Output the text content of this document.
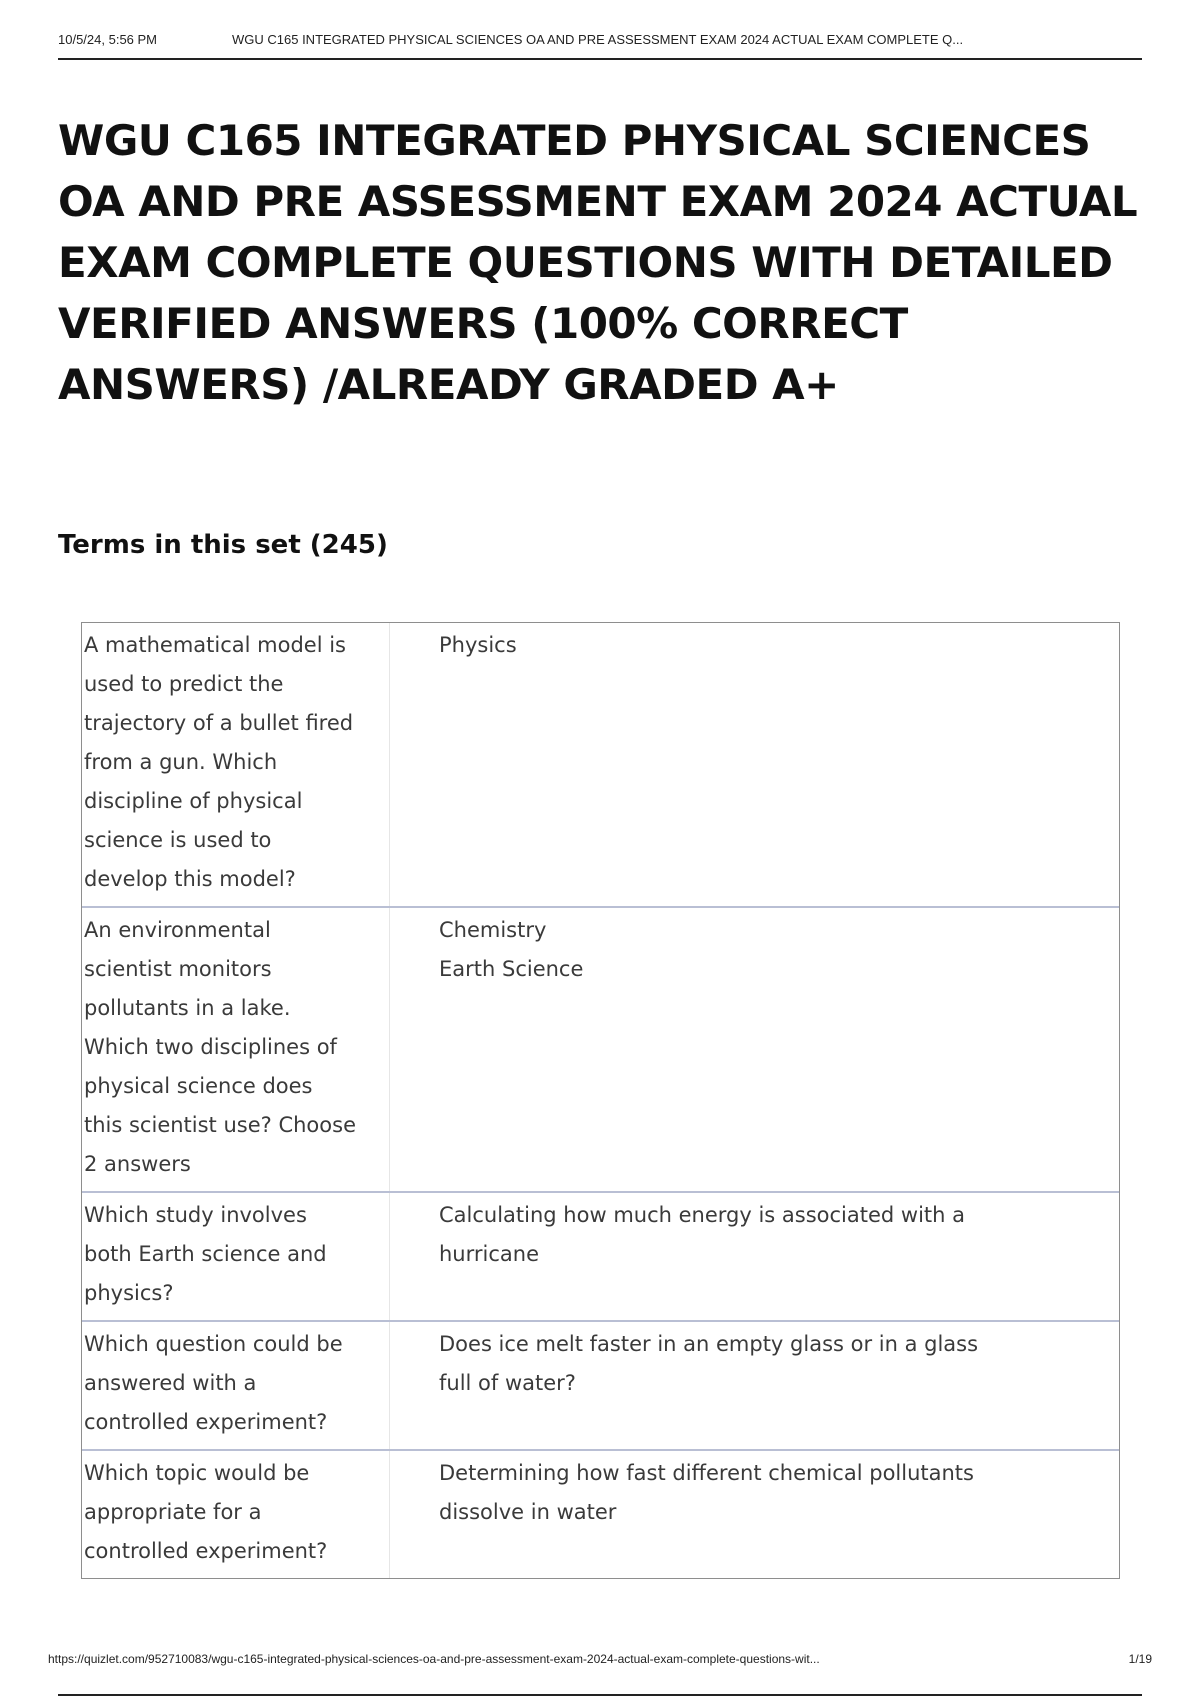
10/5/24, 5:56 PM	WGU C165 INTEGRATED PHYSICAL SCIENCES OA AND PRE ASSESSMENT EXAM 2024 ACTUAL EXAM COMPLETE Q...
WGU C165 INTEGRATED PHYSICAL SCIENCES
OA AND PRE ASSESSMENT EXAM 2024 ACTUAL
EXAM COMPLETE QUESTIONS WITH DETAILED
VERIFIED ANSWERS (100% CORRECT
ANSWERS) /ALREADY GRADED A+
Terms in this set (245)
A mathematical model is
used to predict the
trajectory of a bullet fired
from a gun. Which
discipline of physical
science is used to
develop this model?
Physics
An environmental
scientist monitors
pollutants in a lake.
Which two disciplines of
physical science does
this scientist use? Choose
2 answers
Chemistry
Earth Science
Which study involves
both Earth science and
physics?
Calculating how much energy is associated with a
hurricane
Which question could be
answered with a
controlled experiment?
Does ice melt faster in an empty glass or in a glass
full of water?
Which topic would be
appropriate for a
controlled experiment?
Determining how fast different chemical pollutants
dissolve in water
https://quizlet.com/952710083/wgu-c165-integrated-physical-sciences-oa-and-pre-assessment-exam-2024-actual-exam-complete-questions-wit...	1/19
